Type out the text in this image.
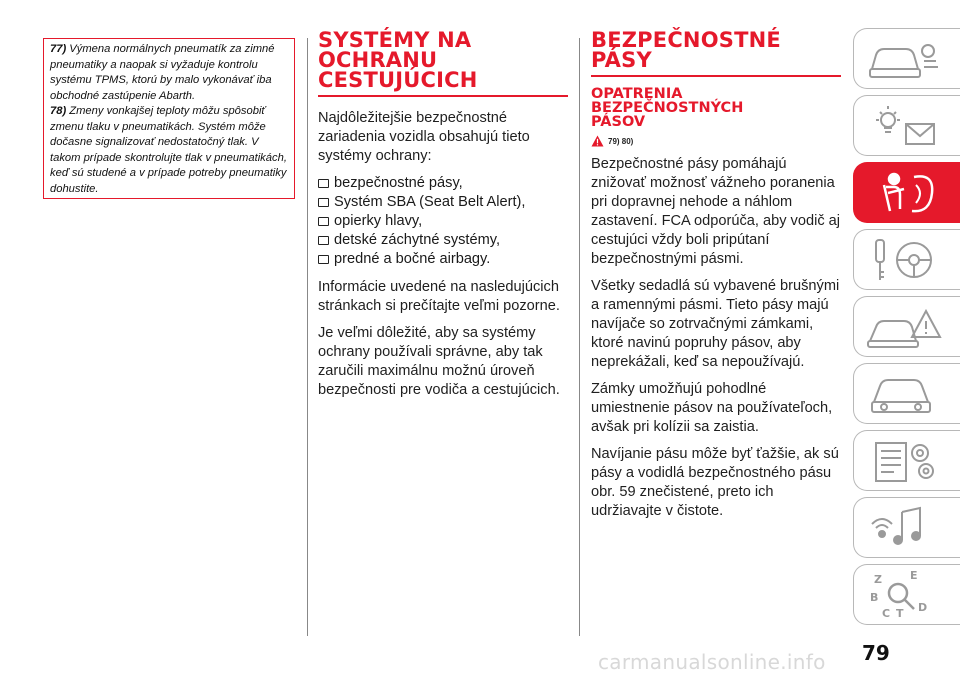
77) Výmena normálnych pneumatík za zimné pneumatiky a naopak si vyžaduje kontrolu systému TPMS, ktorú by malo vykonávať iba obchodné zastúpenie Abarth.
78) Zmeny vonkajšej teploty môžu spôsobiť zmenu tlaku v pneumatikách. Systém môže dočasne signalizovať nedostatočný tlak. V takom prípade skontrolujte tlak v pneumatikách, keď sú studené a v prípade potreby pneumatiky dohustite.
SYSTÉMY NA OCHRANU CESTUJÚCICH

Najdôležitejšie bezpečnostné zariadenia vozidla obsahujú tieto systémy ochrany:

bezpečnostné pásy,
Systém SBA (Seat Belt Alert),
opierky hlavy,
detské záchytné systémy,
predné a bočné airbagy.

Informácie uvedené na nasledujúcich stránkach si prečítajte veľmi pozorne.

Je veľmi dôležité, aby sa systémy ochrany používali správne, aby tak zaručili maximálnu možnú úroveň bezpečnosti pre vodiča a cestujúcich.

BEZPEČNOSTNÉ PÁSY
OPATRENIA BEZPEČNOSTNÝCH PÁSOV
79) 80)

Bezpečnostné pásy pomáhajú znižovať možnosť vážneho poranenia pri dopravnej nehode a náhlom zastavení. FCA odporúča, aby vodič aj cestujúci vždy boli pripútaní bezpečnostnými pásmi.

Všetky sedadlá sú vybavené brušnými a ramennými pásmi. Tieto pásy majú navíjače so zotrvačnými zámkami, ktoré navinú popruhy pásov, aby neprekážali, keď sa nepoužívajú.

Zámky umožňujú pohodlné umiestnenie pásov na používateľoch, avšak pri kolízii sa zaistia.

Navíjanie pásu môže byť ťažšie, ak sú pásy a vodidlá bezpečnostného pásu obr. 59 znečistené, preto ich udržiavajte v čistote.

Z	E
B
C T D
79
carmanualsonline.info
